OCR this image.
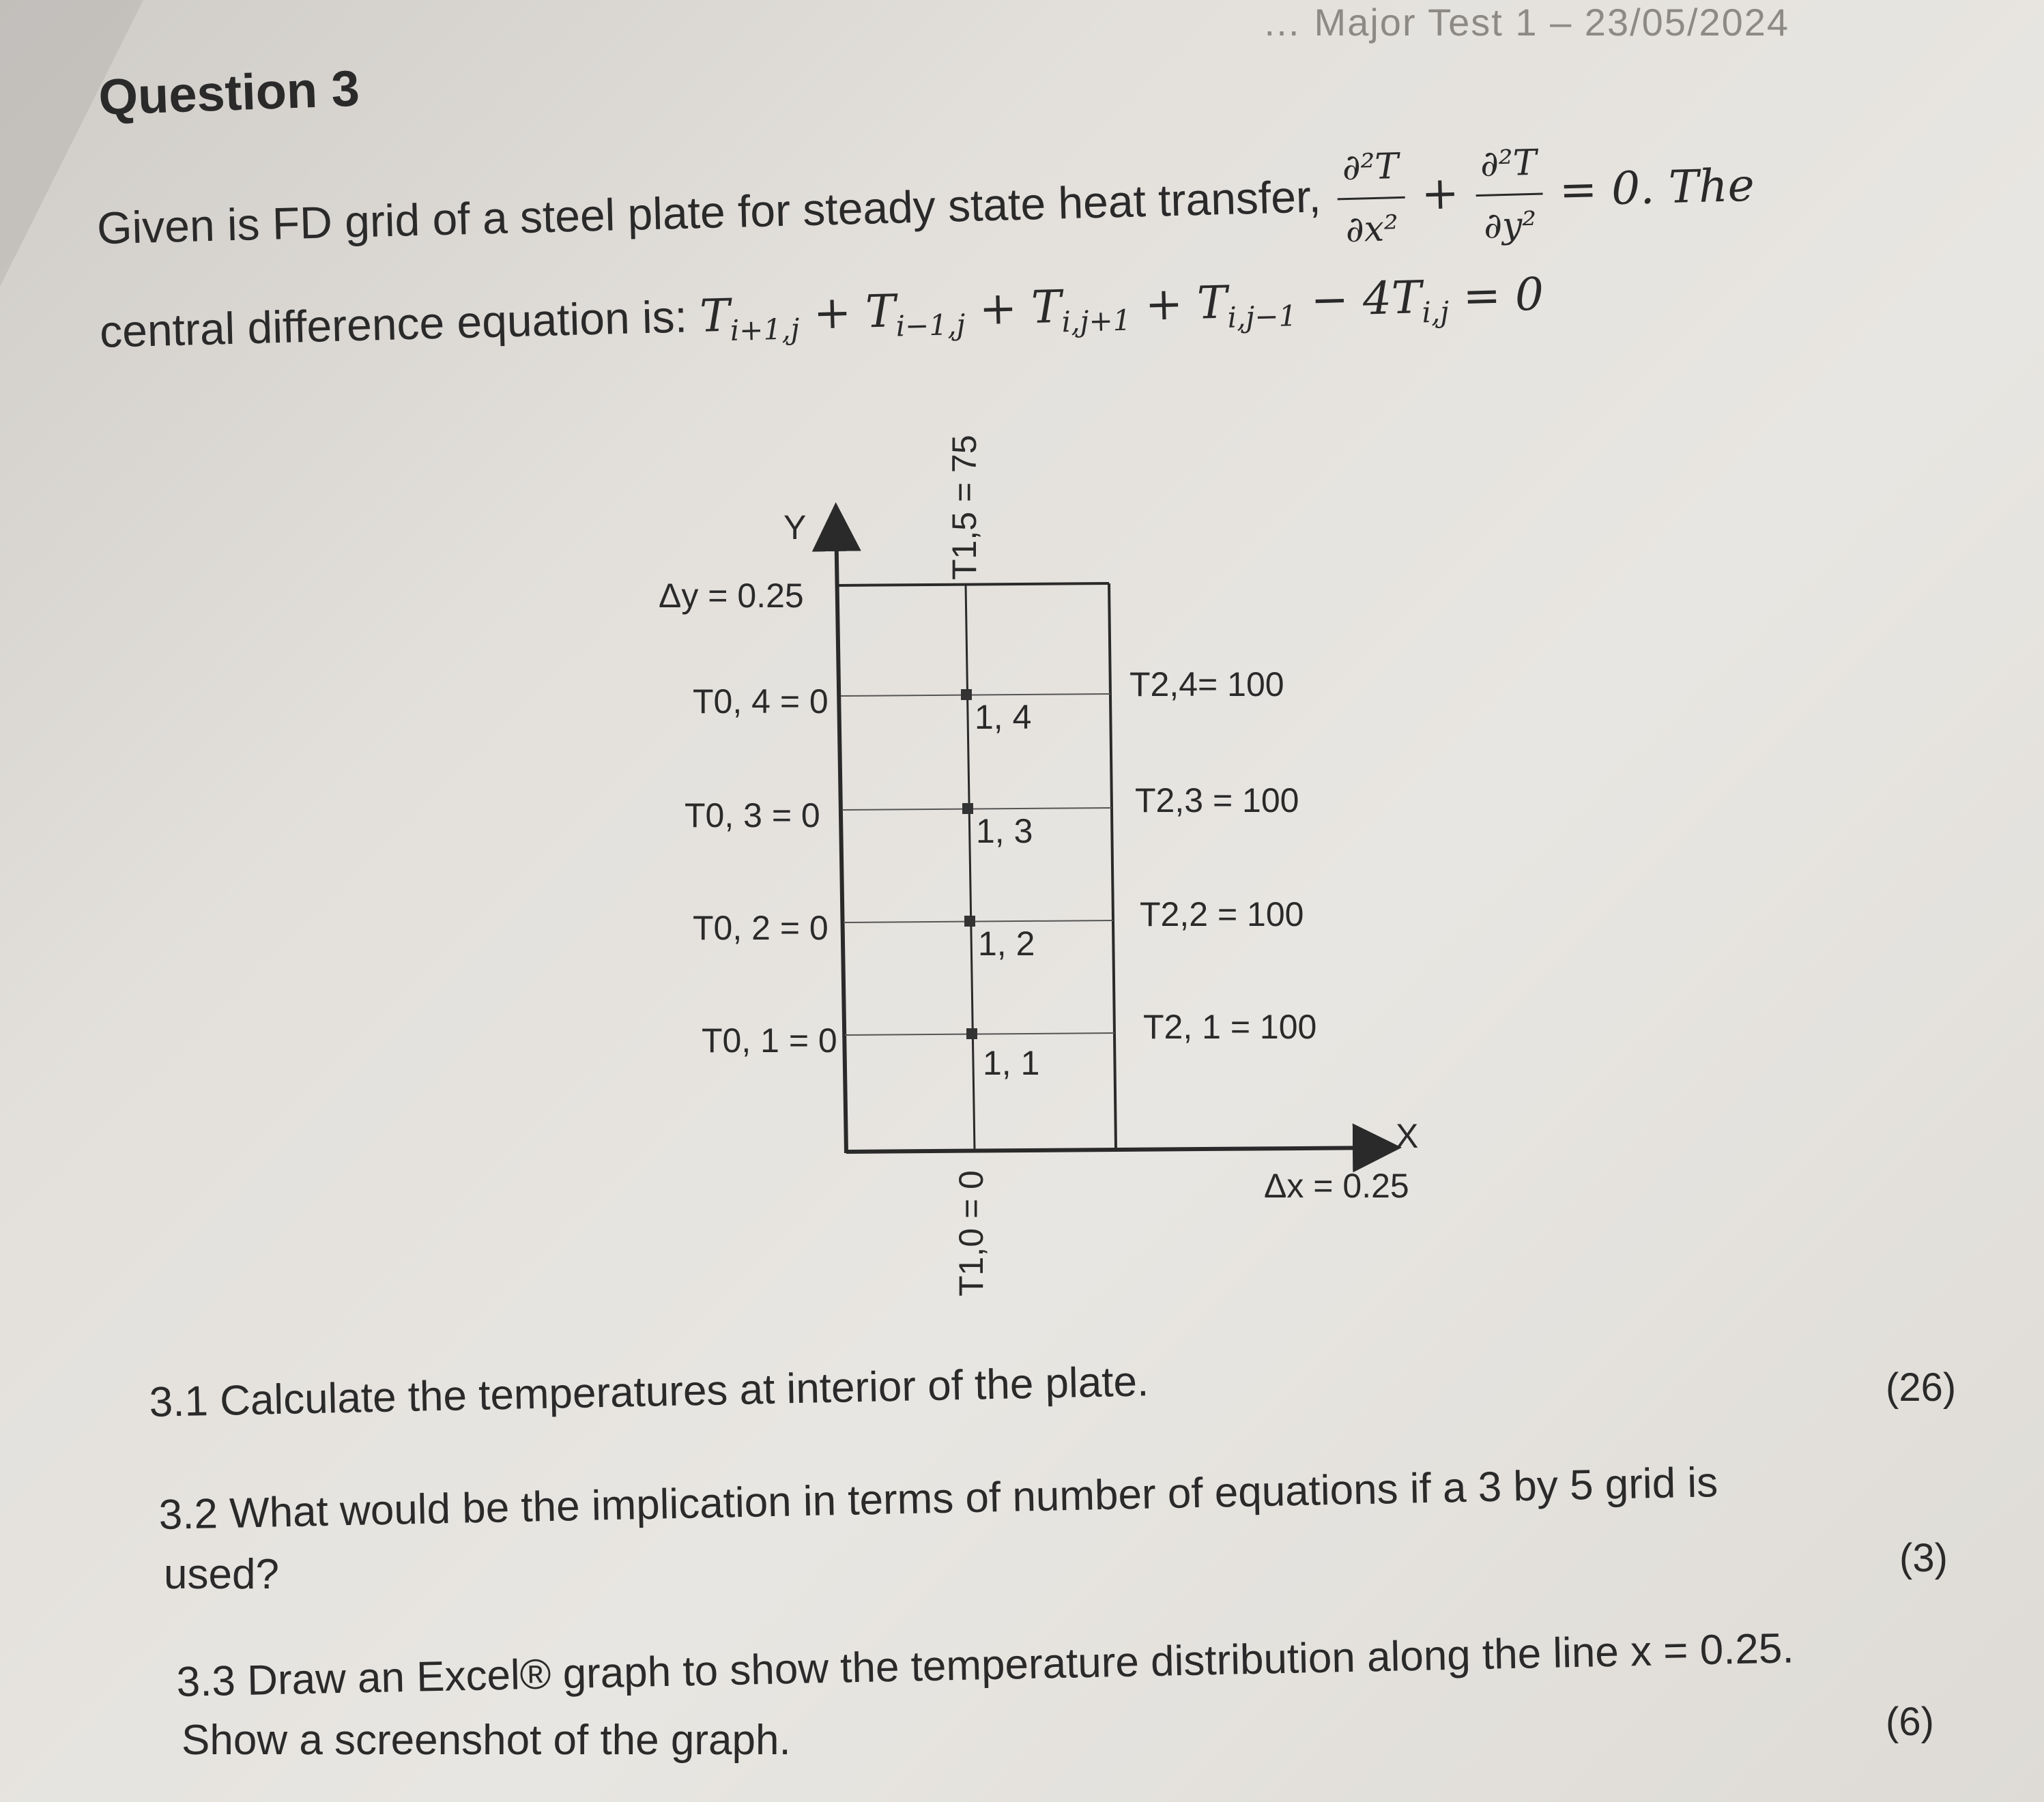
… Major Test 1 – 23/05/2024
Question 3
Given is FD grid of a steel plate for steady state heat transfer, $\frac{\text{∂²T}}{\text{∂x²}} + \frac{\text{∂²T}}{\text{∂y²}} = 0$. The
central difference equation is: $T_{i+1,j} + T_{i-1,j} + T_{i,j+1} + T_{i,j-1} - 4T_{i,j} = 0$
Y
X
Δy = 0.25
Δx = 0.25
T1,5 = 75
T1,0 = 0
T0, 4 = 0
T0, 3 = 0
T0, 2 = 0
T0, 1 = 0
T2,4= 100
T2,3 = 100
T2,2 = 100
T2, 1 = 100
1, 4
1, 3
1, 2
1, 1
3.1 Calculate the temperatures at interior of the plate.	(26)
3.2 What would be the implication in terms of number of equations if a 3 by 5 grid is
used?	(3)
3.3 Draw an Excel® graph to show the temperature distribution along the line x = 0.25.
Show a screenshot of the graph.	(6)
